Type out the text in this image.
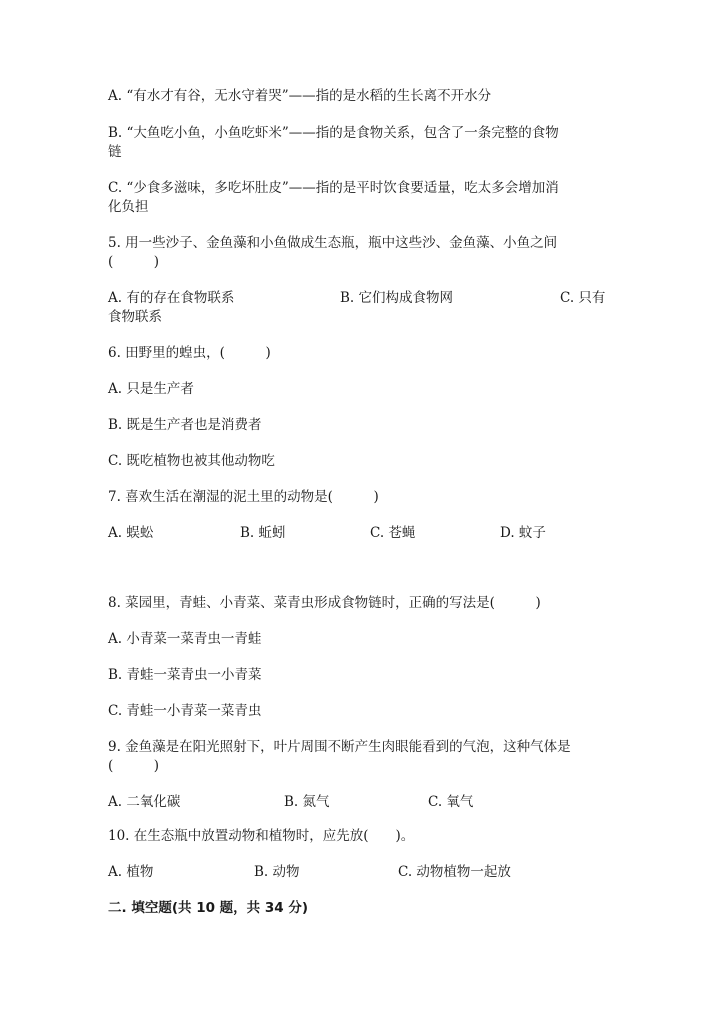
A. “有水才有谷，无水守着哭”——指的是水稻的生长离不开水分
B. “大鱼吃小鱼，小鱼吃虾米”——指的是食物关系，包含了一条完整的食物
链
C. “少食多滋味，多吃坏肚皮”——指的是平时饮食要适量，吃太多会增加消
化负担
5. 用一些沙子、金鱼藻和小鱼做成生态瓶，瓶中这些沙、金鱼藻、小鱼之间
(　　　)
A. 有的存在食物联系	B. 它们构成食物网	C. 只有
食物联系
6. 田野里的蝗虫，(　　　)
A. 只是生产者
B. 既是生产者也是消费者
C. 既吃植物也被其他动物吃
7. 喜欢生活在潮湿的泥土里的动物是(　　　)
A. 蜈蚣	B. 蚯蚓	C. 苍蝇	D. 蚊子
8. 菜园里，青蛙、小青菜、菜青虫形成食物链时，正确的写法是(　　　)
A. 小青菜一菜青虫一青蛙
B. 青蛙一菜青虫一小青菜
C. 青蛙一小青菜一菜青虫
9. 金鱼藻是在阳光照射下，叶片周围不断产生肉眼能看到的气泡，这种气体是
(　　　)
A. 二氧化碳	B. 氮气	C. 氧气
10. 在生态瓶中放置动物和植物时，应先放(　　)。
A. 植物	B. 动物	C. 动物植物一起放
二. 填空题(共 10 题，共 34 分)
